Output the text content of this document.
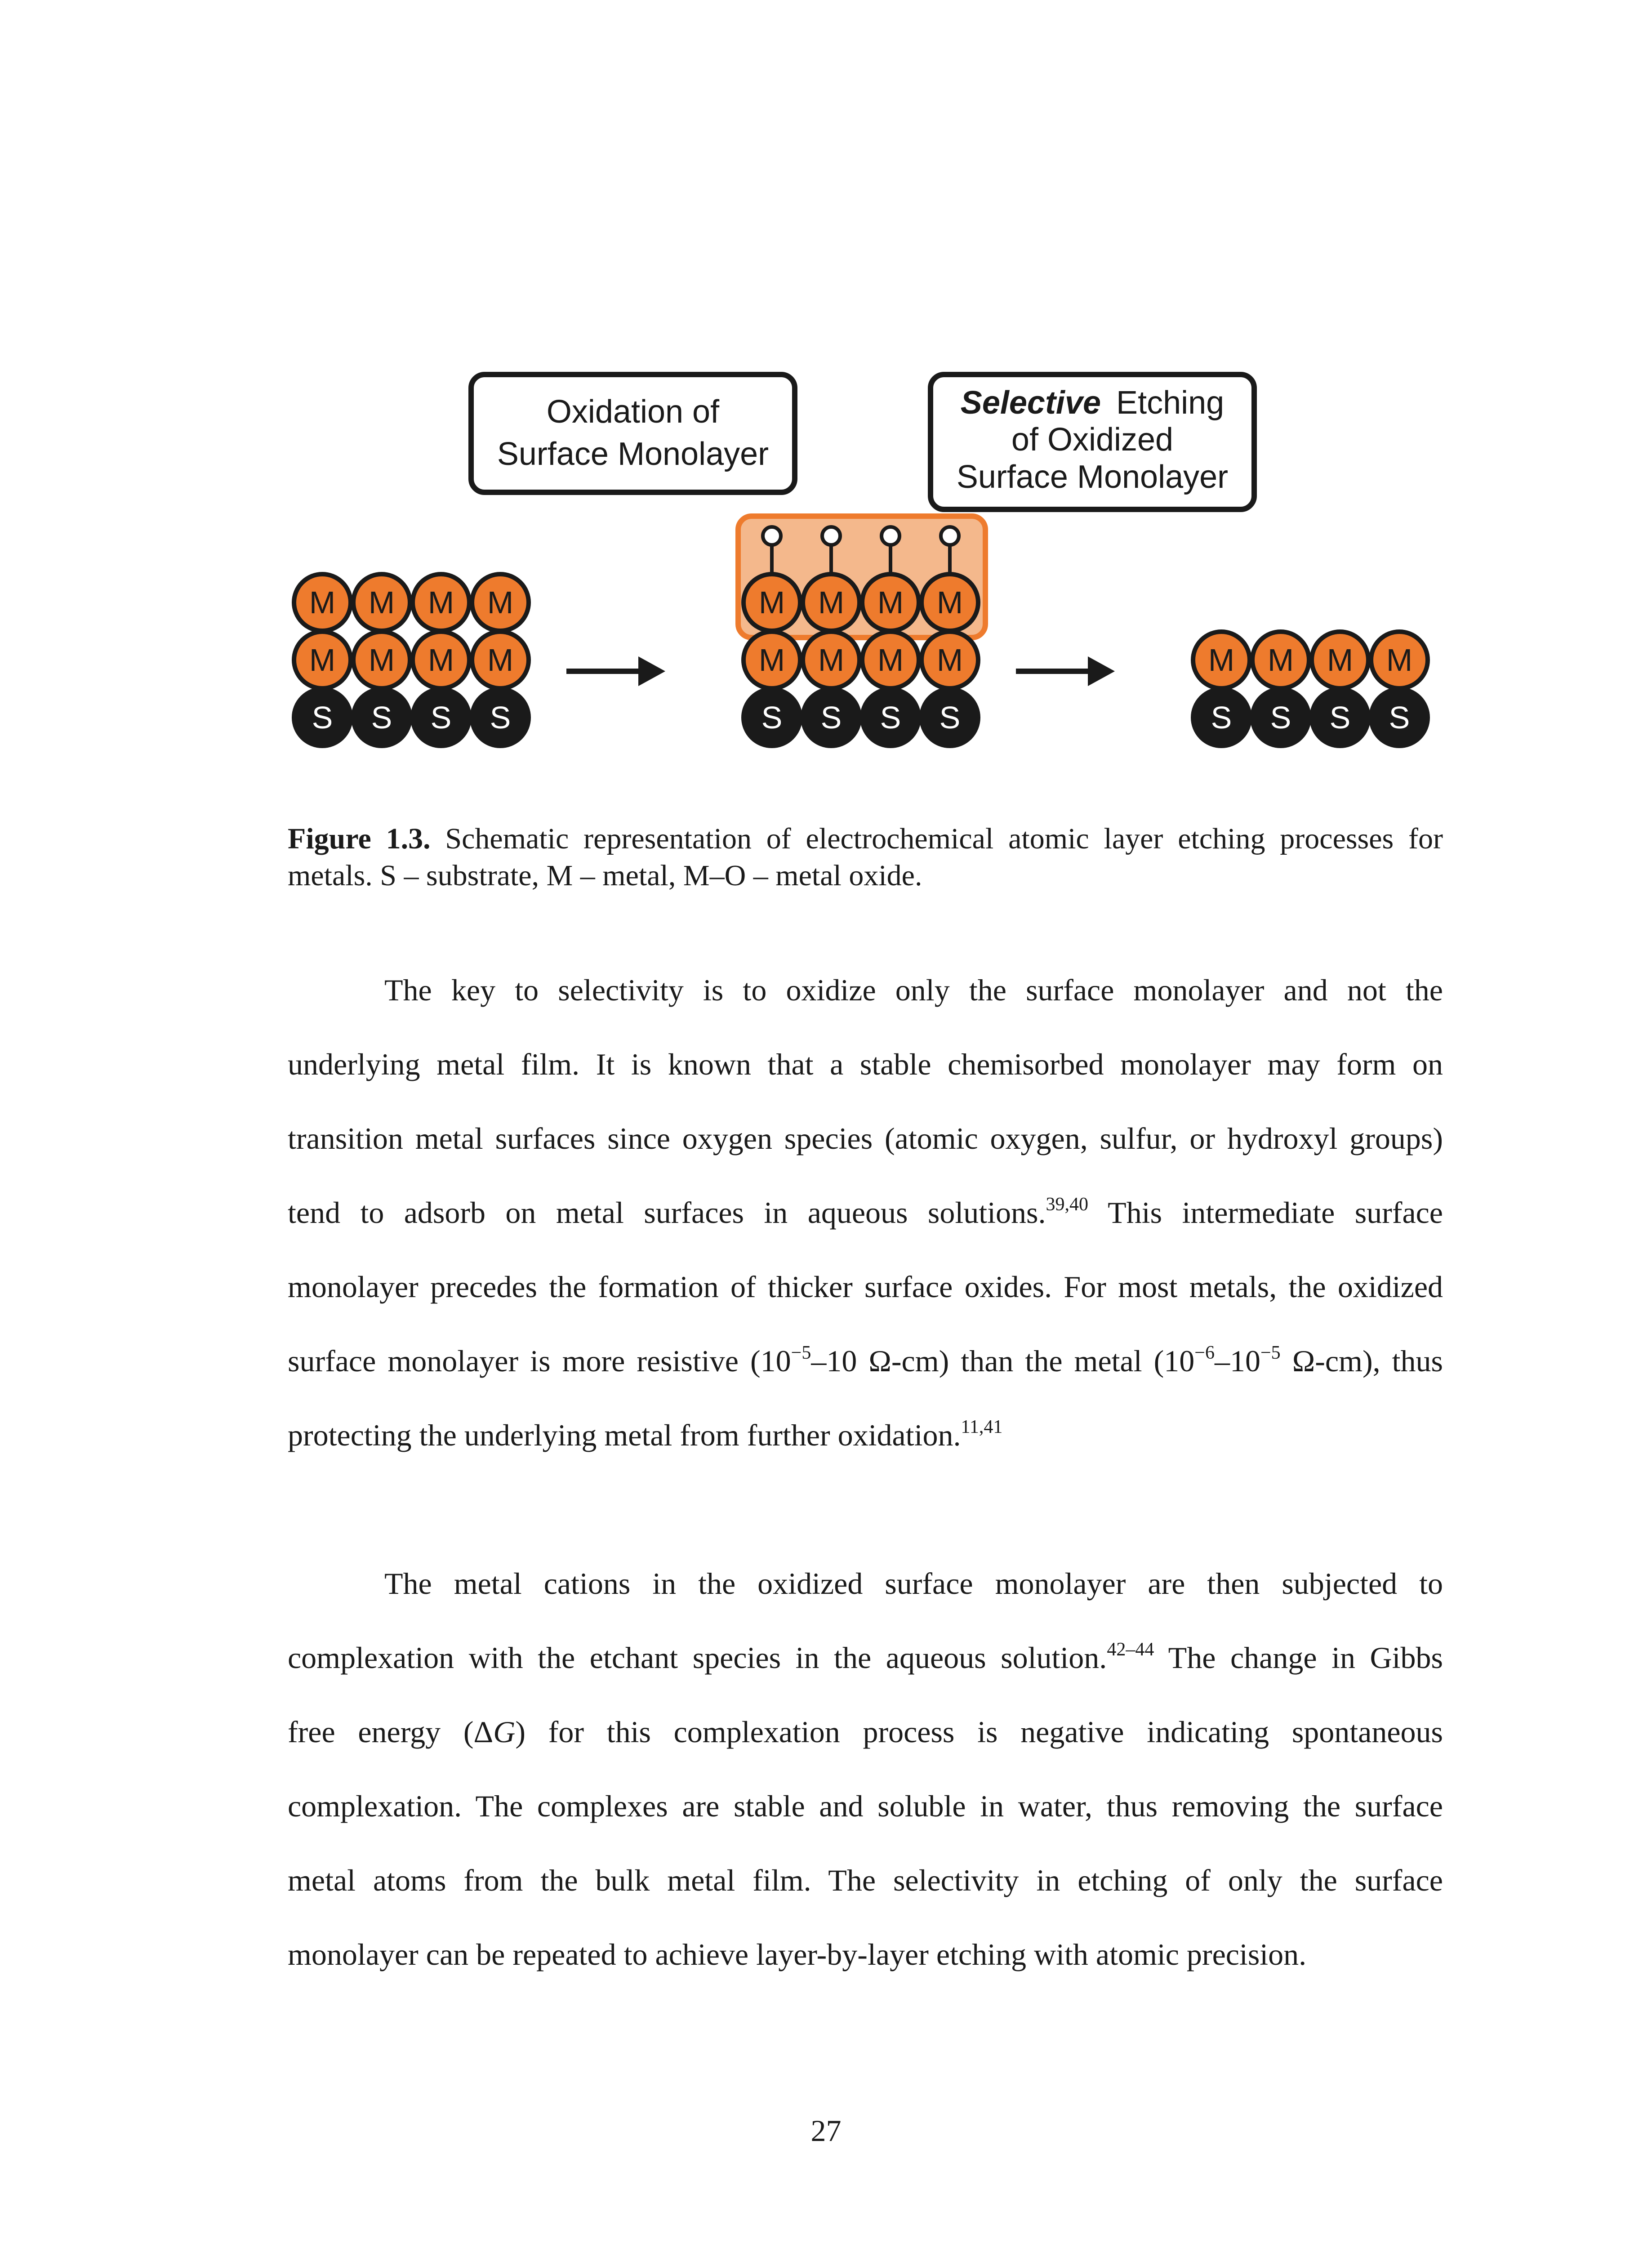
Oxidation of
Surface Monolayer
Selective Etching
of Oxidized
Surface Monolayer
M M M M
M M M M
S S S S
M M M M
M M M M
S S S S
M M M M
S S S S
Figure 1.3. Schematic representation of electrochemical atomic layer etching processes for
metals. S – substrate, M – metal, M–O – metal oxide.
The key to selectivity is to oxidize only the surface monolayer and not the
underlying metal film. It is known that a stable chemisorbed monolayer may form on
transition metal surfaces since oxygen species (atomic oxygen, sulfur, or hydroxyl groups)
tend to adsorb on metal surfaces in aqueous solutions.$^{39,40}$ This intermediate surface
monolayer precedes the formation of thicker surface oxides. For most metals, the oxidized
surface monolayer is more resistive ($10^{-5}-10$ Ω-cm) than the metal ($10^{-6}-10^{-5}$ Ω-cm), thus
protecting the underlying metal from further oxidation.$^{11,41}$
The metal cations in the oxidized surface monolayer are then subjected to
complexation with the etchant species in the aqueous solution.$^{42-44}$ The change in Gibbs
free energy (ΔG) for this complexation process is negative indicating spontaneous
complexation. The complexes are stable and soluble in water, thus removing the surface
metal atoms from the bulk metal film. The selectivity in etching of only the surface
monolayer can be repeated to achieve layer-by-layer etching with atomic precision.
27
